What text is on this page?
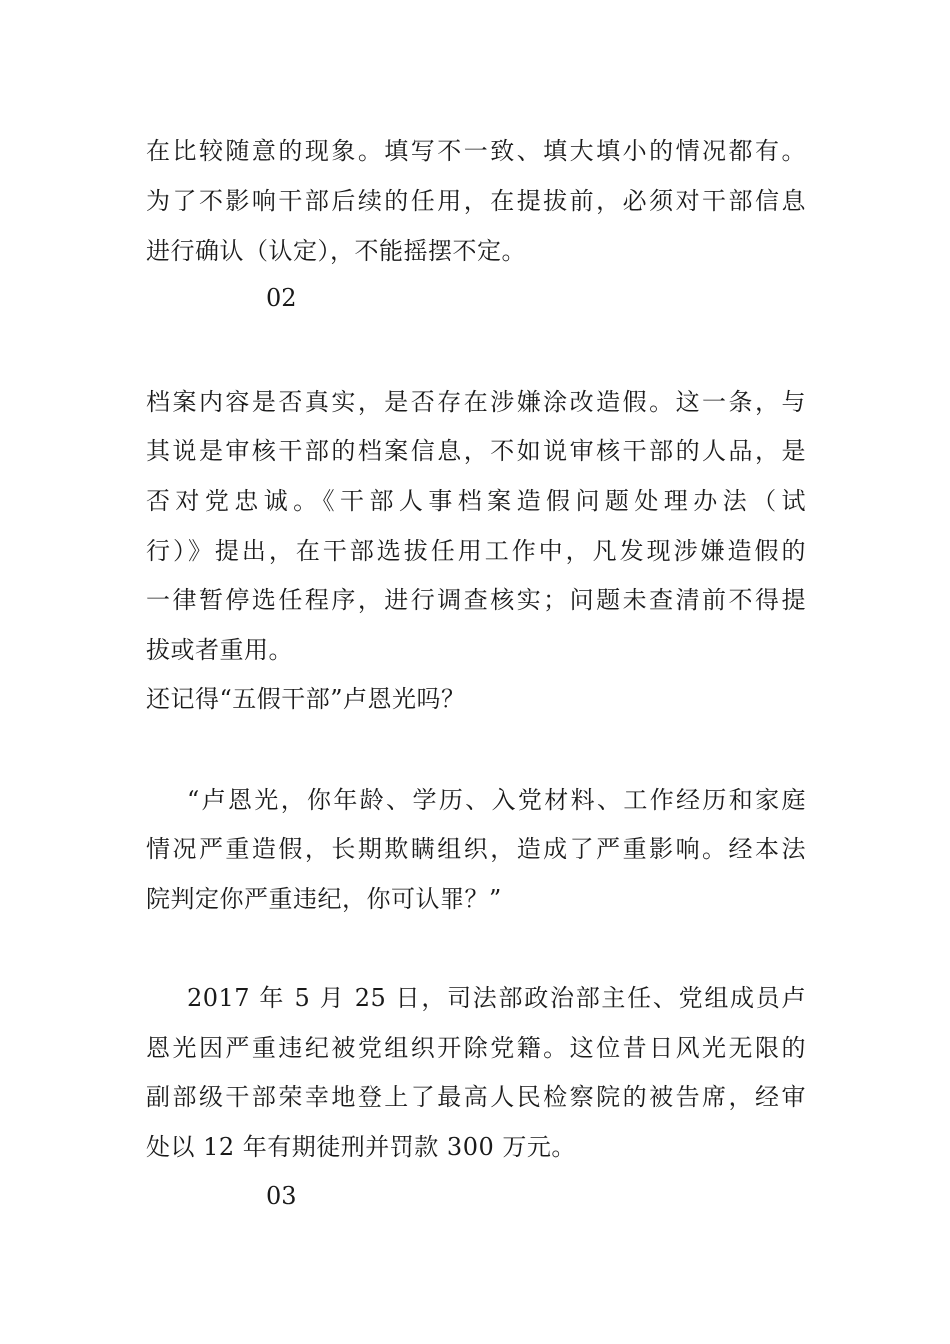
在比较随意的现象。填写不一致、填大填小的情况都有。
为了不影响干部后续的任用，在提拔前，必须对干部信息
进行确认（认定），不能摇摆不定。
02
档案内容是否真实，是否存在涉嫌涂改造假。这一条，与
其说是审核干部的档案信息，不如说审核干部的人品，是
否对党忠诚。《干部人事档案造假问题处理办法（试
行）》提出，在干部选拔任用工作中，凡发现涉嫌造假的
一律暂停选任程序，进行调查核实；问题未查清前不得提
拔或者重用。
还记得“五假干部”卢恩光吗？
“卢恩光，你年龄、学历、入党材料、工作经历和家庭
情况严重造假，长期欺瞒组织，造成了严重影响。经本法
院判定你严重违纪，你可认罪？”
2017 年 5 月 25 日，司法部政治部主任、党组成员卢
恩光因严重违纪被党组织开除党籍。这位昔日风光无限的
副部级干部荣幸地登上了最高人民检察院的被告席，经审
处以 12 年有期徒刑并罚款 300 万元。
03
